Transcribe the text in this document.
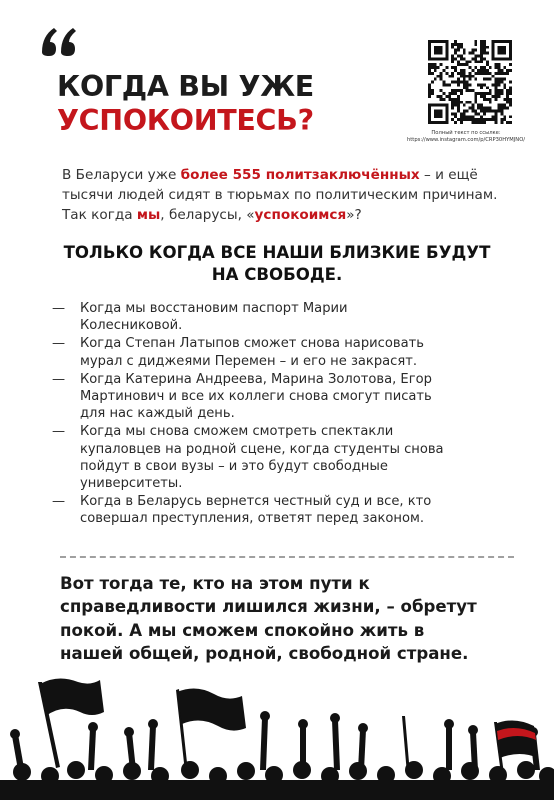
КОГДА ВЫ УЖЕ
УСПОКОИТЕСЬ?	Полный текст по ссылке:
https://www.instagram.com/p/CRP30HYMJNO/

В Беларуси уже более 555 политзаключённых – и ещё
тысячи людей сидят в тюрьмах по политическим причинам.
Так когда мы, беларусы, «успокоимся»?

ТОЛЬКО КОГДА ВСЕ НАШИ БЛИЗКИЕ БУДУТ
НА СВОБОДЕ.
— Когда мы восстановим паспорт Марии
Колесниковой.
— Когда Степан Латыпов сможет снова нарисовать
мурал с диджеями Перемен – и его не закрасят.
— Когда Катерина Андреева, Марина Золотова, Егор
Мартинович и все их коллеги снова смогут писать
для нас каждый день.
— Когда мы снова сможем смотреть спектакли
купаловцев на родной сцене, когда студенты снова
пойдут в свои вузы – и это будут свободные
университеты.
— Когда в Беларусь вернется честный суд и все, кто
совершал преступления, ответят перед законом.

Вот тогда те, кто на этом пути к
справедливости лишился жизни, – обретут
покой. А мы сможем спокойно жить в
нашей общей, родной, свободной стране.
